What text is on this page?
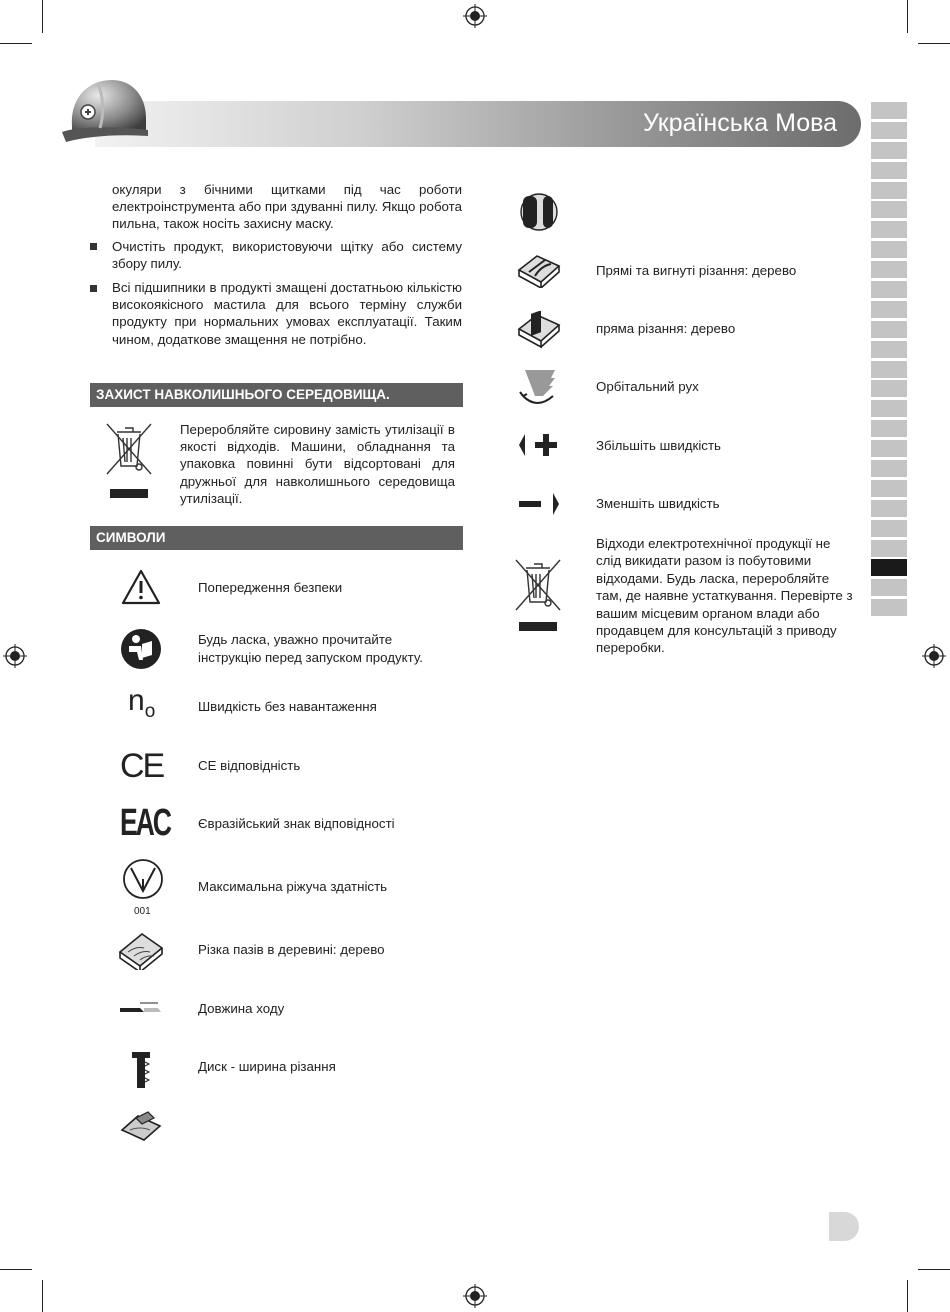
Українська Мова
окуляри з бічними щитками під час роботи електроінструмента або при здуванні пилу. Якщо робота пильна, також носіть захисну маску.
Очистіть продукт, використовуючи щітку або систему збору пилу.
Всі підшипники в продукті змащені достатньою кількістю високоякісного мастила для всього терміну служби продукту при нормальних умовах експлуатації. Таким чином, додаткове змащення не потрібно.
ЗАХИСТ НАВКОЛИШНЬОГО СЕРЕДОВИЩА.
Переробляйте сировину замість утилізації в якості відходів. Машини, обладнання та упаковка повинні бути відсортовані для дружньої для навколишнього середовища утилізації.
СИМВОЛИ
Попередження безпеки
Будь ласка, уважно прочитайте інструкцію перед запуском продукту.
$n_o$	Швидкість без навантаження
CE	CE відповідність
EAC Євразійський знак відповідності
001
Максимальна ріжуча здатність
Різка пазів в деревині: дерево
Довжина ходу
Диск - ширина різання
Прямі та вигнуті різання: дерево
пряма різання: дерево
Орбітальний рух
Збільшіть швидкість
Зменшіть швидкість
Відходи електротехнічної продукції не слід викидати разом із побутовими відходами. Будь ласка, переробляйте там, де наявне устаткування. Перевірте з вашим місцевим органом влади або продавцем для консультацій з приводу переробки.
